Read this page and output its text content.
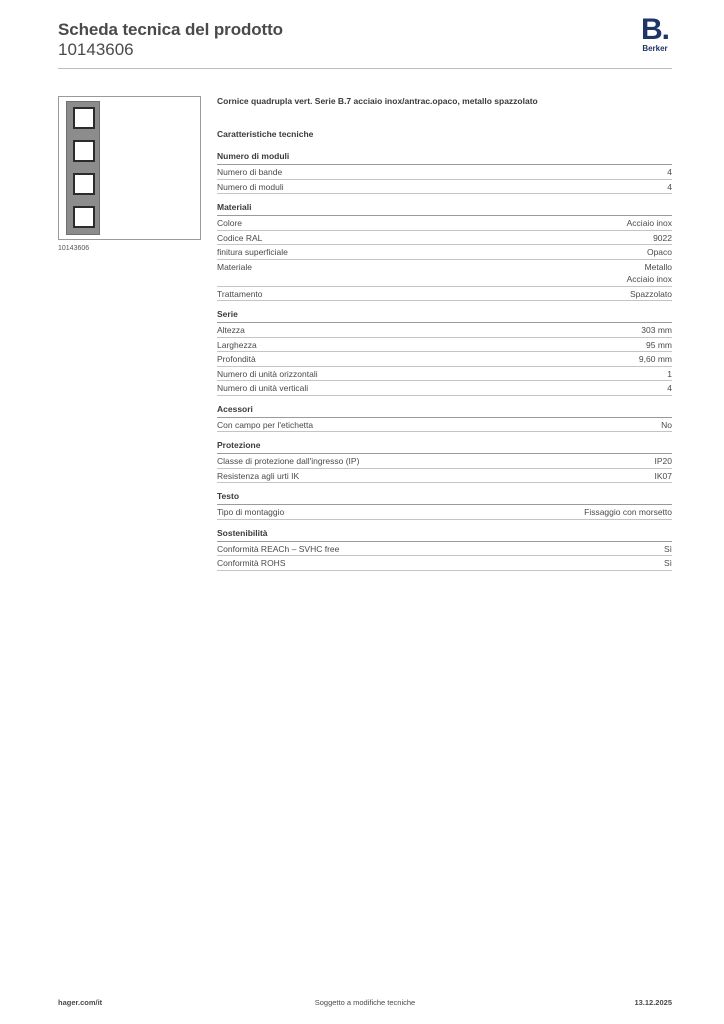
Scheda tecnica del prodotto
10143606
B.
Berker
10143606
Cornice quadrupla vert. Serie B.7 acciaio inox/antrac.opaco, metallo spazzolato
Caratteristiche tecniche
Numero di moduli
Numero di bande	4
Numero di moduli	4
Materiali
Colore	Acciaio inox
Codice RAL	9022
finitura superficiale	Opaco
Materiale	Metallo
Acciaio inox
Trattamento	Spazzolato
Serie
Altezza	303 mm
Larghezza	95 mm
Profondità	9,60 mm
Numero di unità orizzontali	1
Numero di unità verticali	4
Acessori
Con campo per l'etichetta	No
Protezione
Classe di protezione dall'ingresso (IP)	IP20
Resistenza agli urti IK	IK07
Testo
Tipo di montaggio	Fissaggio con morsetto
Sostenibilità
Conformità REACh – SVHC free	Sì
Conformità ROHS	Sì
hager.com/it	Soggetto a modifiche tecniche	13.12.2025
